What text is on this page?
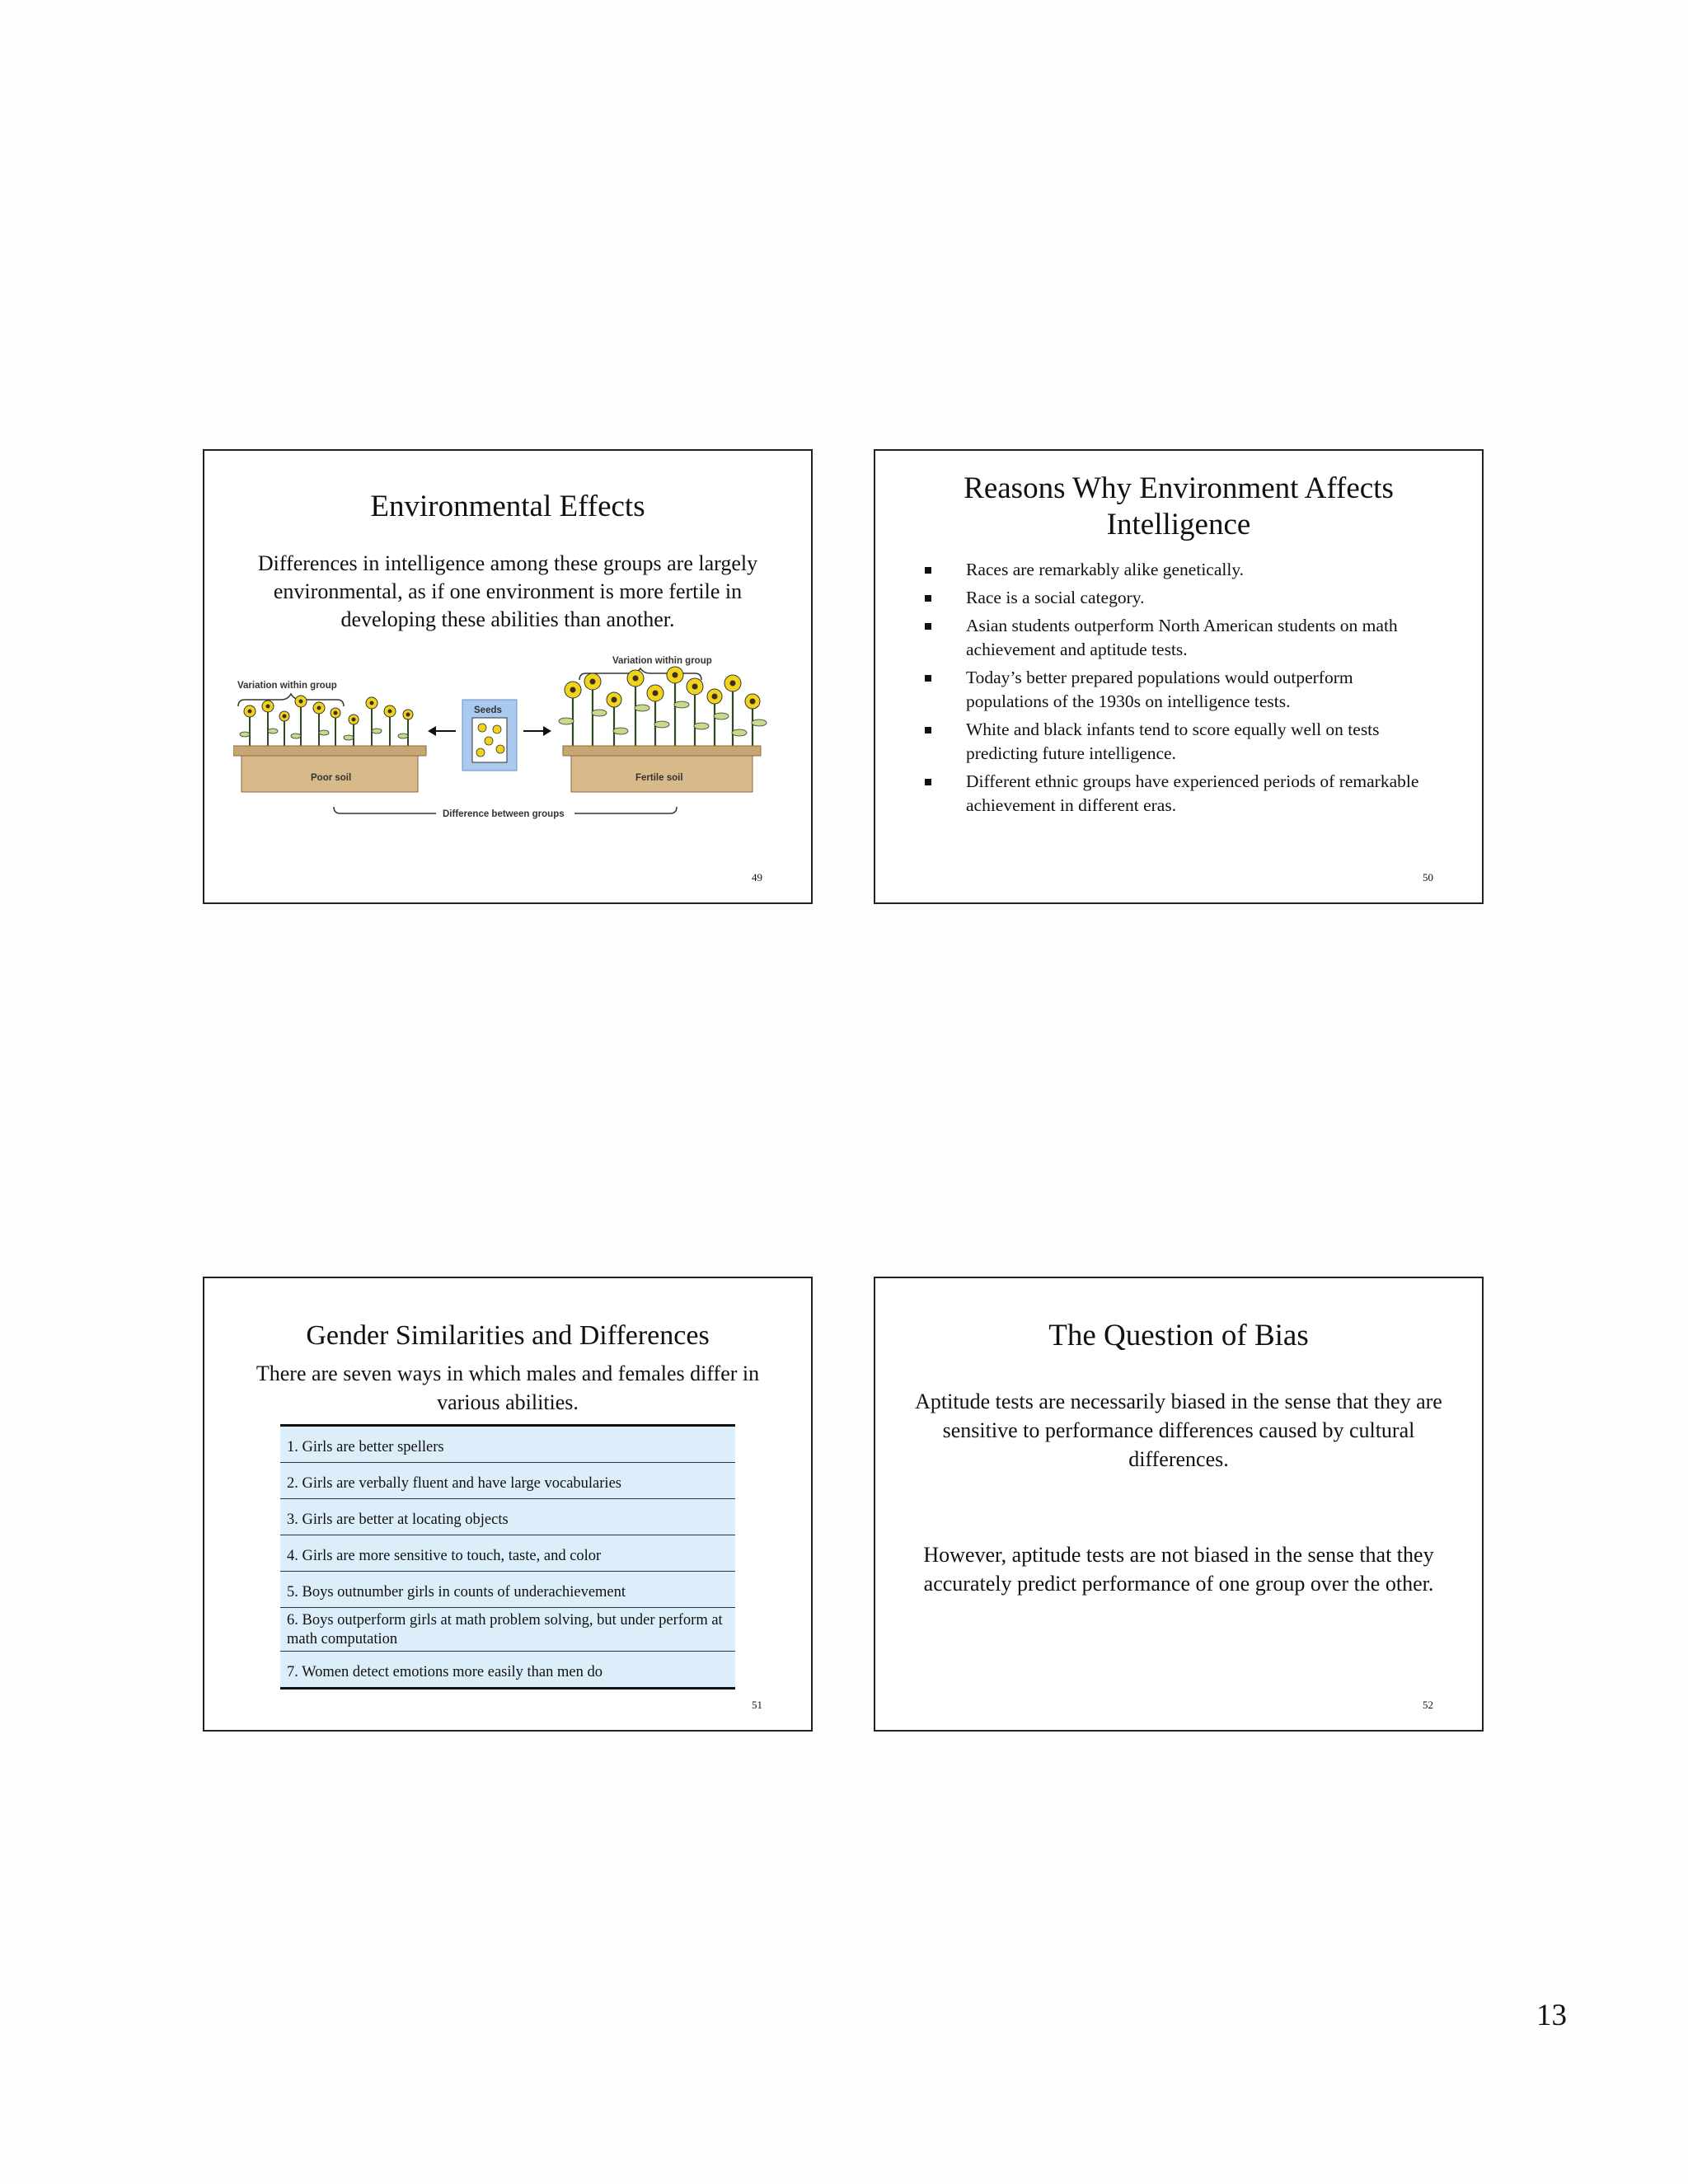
Environmental Effects
Differences in intelligence among these groups are largely environmental, as if one environment is more fertile in developing these abilities than another.
Variation within group
Variation within group
Poor soil
Seeds
Fertile soil
Difference between groups
49
Reasons Why Environment Affects Intelligence
Races are remarkably alike genetically.
Race is a social category.
Asian students outperform North American students on math achievement and aptitude tests.
Today’s better prepared populations would outperform populations of the 1930s on intelligence tests.
White and black infants tend to score equally well on tests predicting future intelligence.
Different ethnic groups have experienced periods of remarkable achievement in different eras.
50
Gender Similarities and Differences
There are seven ways in which males and females differ in various abilities.
1. Girls are better spellers
2. Girls are verbally fluent and have large vocabularies
3. Girls are better at locating objects
4. Girls are more sensitive to touch, taste, and color
5. Boys outnumber girls in counts of underachievement
6. Boys outperform girls at math problem solving, but under perform at math computation
7. Women detect emotions more easily than men do
51
The Question of Bias
Aptitude tests are necessarily biased in the sense that they are sensitive to performance differences caused by cultural differences.
However, aptitude tests are not biased in the sense that they accurately predict performance of one group over the other.
52
13
